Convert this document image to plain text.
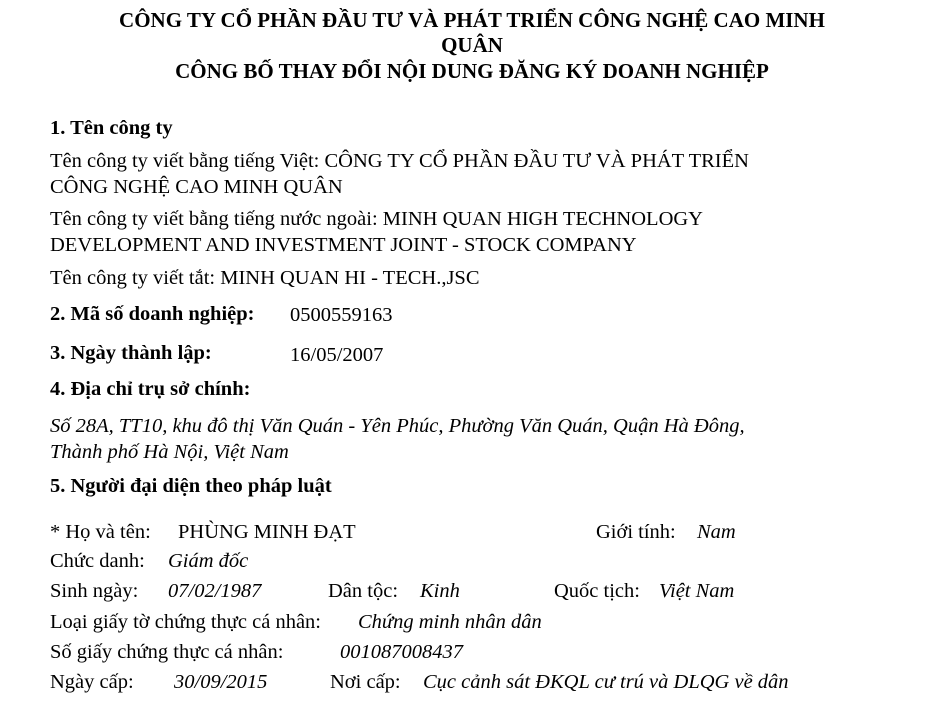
CÔNG TY CỔ PHẦN ĐẦU TƯ VÀ PHÁT TRIỂN CÔNG NGHỆ CAO MINH
QUÂN
CÔNG BỐ THAY ĐỔI NỘI DUNG ĐĂNG KÝ DOANH NGHIỆP
1. Tên công ty
Tên công ty viết bằng tiếng Việt: CÔNG TY CỔ PHẦN ĐẦU TƯ VÀ PHÁT TRIỂN
CÔNG NGHỆ CAO MINH QUÂN
Tên công ty viết bằng tiếng nước ngoài: MINH QUAN HIGH TECHNOLOGY
DEVELOPMENT AND INVESTMENT JOINT - STOCK COMPANY
Tên công ty viết tắt: MINH QUAN HI - TECH.,JSC
2. Mã số doanh nghiệp: 0500559163
3. Ngày thành lập:	16/05/2007
4. Địa chỉ trụ sở chính:
Số 28A, TT10, khu đô thị Văn Quán - Yên Phúc, Phường Văn Quán, Quận Hà Đông,
Thành phố Hà Nội, Việt Nam
5. Người đại diện theo pháp luật
* Họ và tên: PHÙNG MINH ĐẠT	Giới tính: Nam
Chức danh: Giám đốc
Sinh ngày: 07/02/1987	Dân tộc: Kinh	Quốc tịch: Việt Nam
Loại giấy tờ chứng thực cá nhân: Chứng minh nhân dân
Số giấy chứng thực cá nhân:	001087008437
Ngày cấp: 30/09/2015	Nơi cấp: Cục cảnh sát ĐKQL cư trú và DLQG về dân
